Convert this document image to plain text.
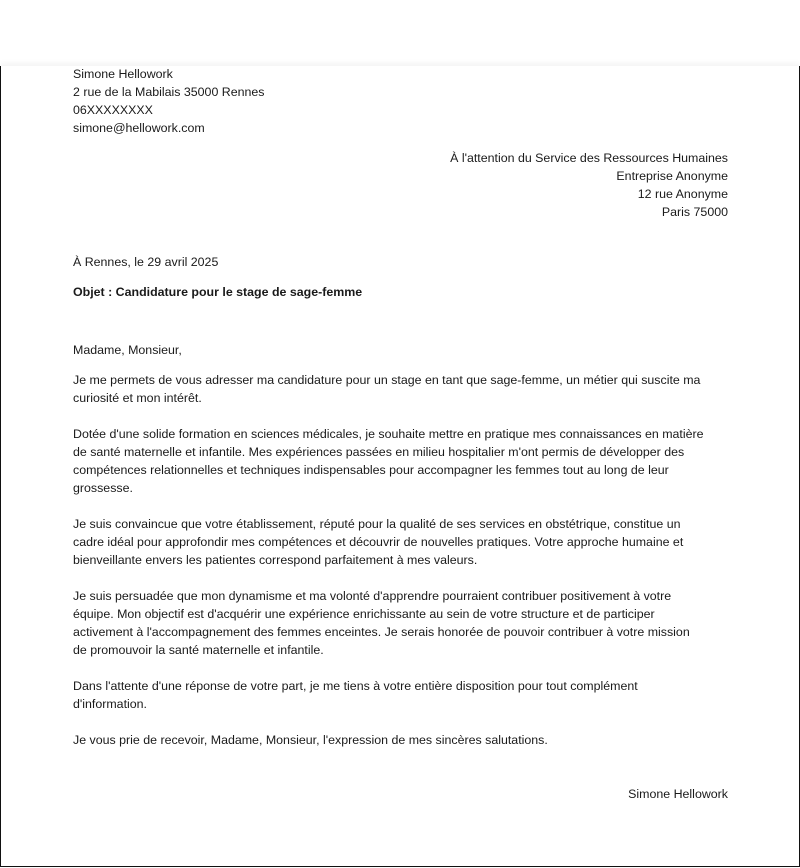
Simone Hellowork
2 rue de la Mabilais 35000 Rennes
06XXXXXXXX
simone@hellowork.com
À l'attention du Service des Ressources Humaines
Entreprise Anonyme
12 rue Anonyme
Paris 75000
À Rennes, le 29 avril 2025
Objet : Candidature pour le stage de sage-femme
Madame, Monsieur,
Je me permets de vous adresser ma candidature pour un stage en tant que sage-femme, un métier qui suscite ma
curiosité et mon intérêt.
Dotée d'une solide formation en sciences médicales, je souhaite mettre en pratique mes connaissances en matière
de santé maternelle et infantile. Mes expériences passées en milieu hospitalier m'ont permis de développer des
compétences relationnelles et techniques indispensables pour accompagner les femmes tout au long de leur
grossesse.
Je suis convaincue que votre établissement, réputé pour la qualité de ses services en obstétrique, constitue un
cadre idéal pour approfondir mes compétences et découvrir de nouvelles pratiques. Votre approche humaine et
bienveillante envers les patientes correspond parfaitement à mes valeurs.
Je suis persuadée que mon dynamisme et ma volonté d'apprendre pourraient contribuer positivement à votre
équipe. Mon objectif est d'acquérir une expérience enrichissante au sein de votre structure et de participer
activement à l'accompagnement des femmes enceintes. Je serais honorée de pouvoir contribuer à votre mission
de promouvoir la santé maternelle et infantile.
Dans l'attente d'une réponse de votre part, je me tiens à votre entière disposition pour tout complément
d'information.
Je vous prie de recevoir, Madame, Monsieur, l'expression de mes sincères salutations.
Simone Hellowork
